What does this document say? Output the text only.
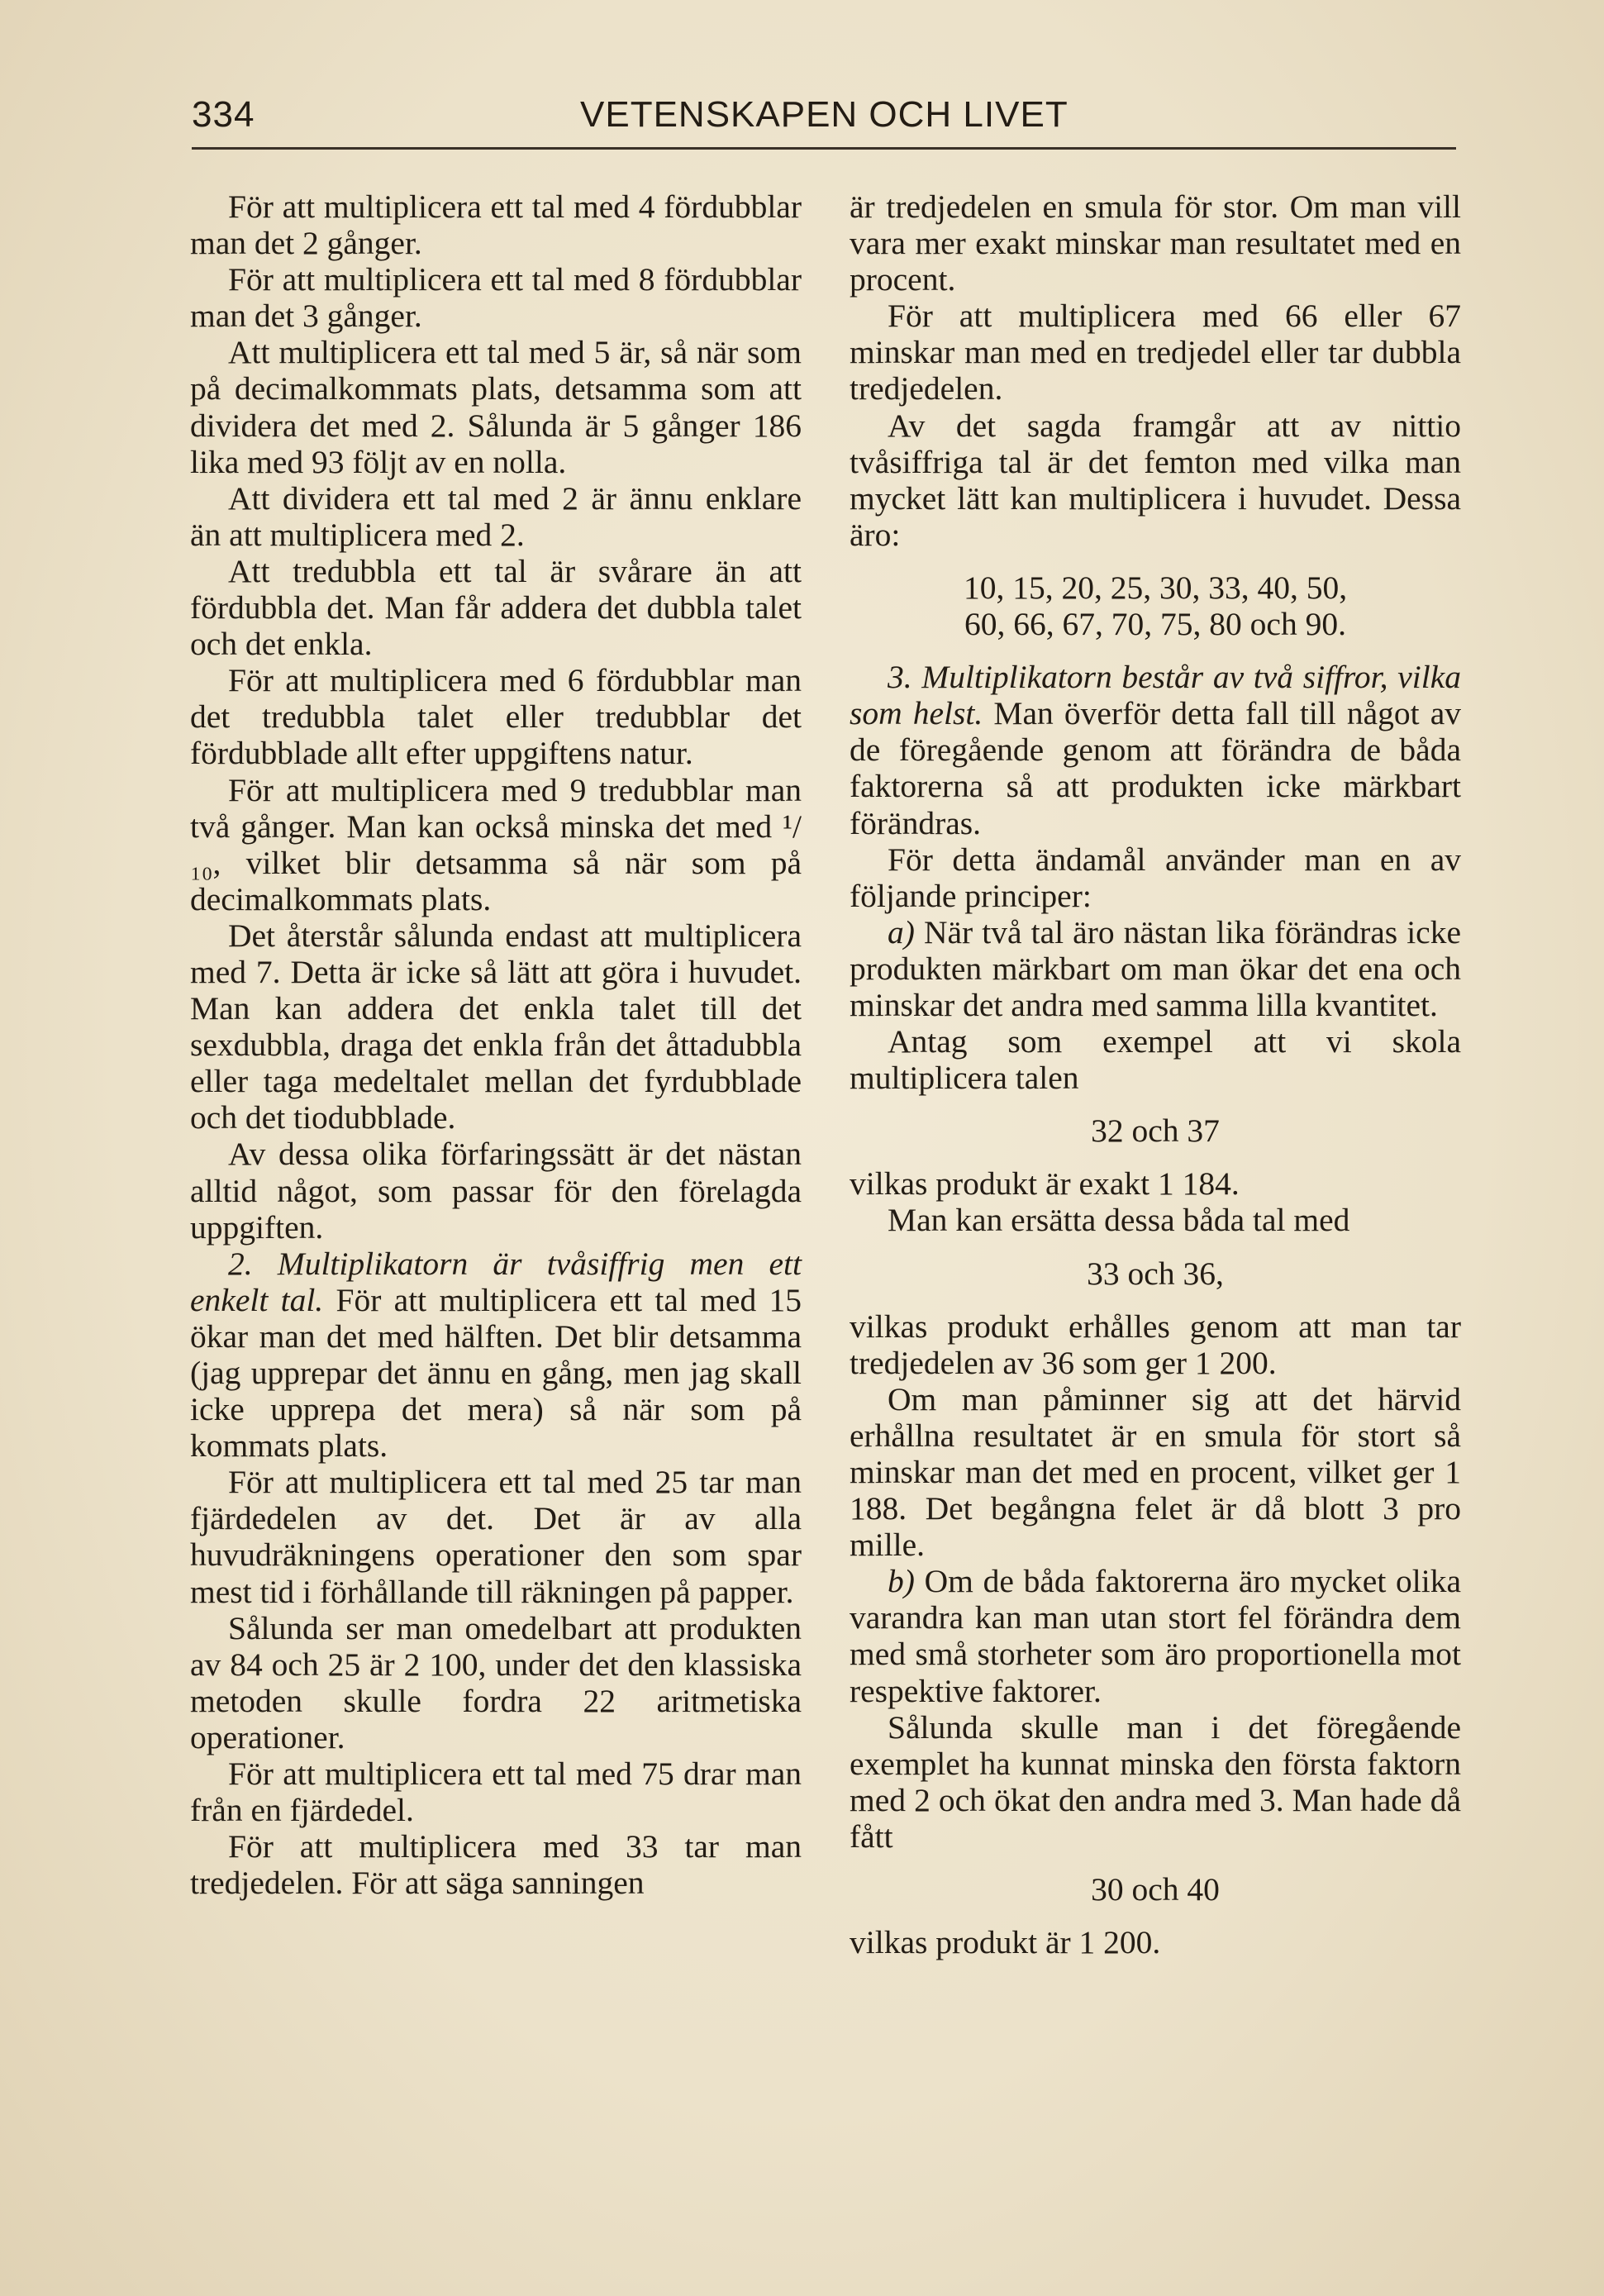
334	VETENSKAPEN OCH LIVET

För att multiplicera ett tal med 4 fördubblar man det 2 gånger.

För att multiplicera ett tal med 8 fördubblar man det 3 gånger.

Att multiplicera ett tal med 5 är, så när som på decimalkommats plats, detsamma som att dividera det med 2. Sålunda är 5 gånger 186 lika med 93 följt av en nolla.

Att dividera ett tal med 2 är ännu enklare än att multiplicera med 2.

Att tredubbla ett tal är svårare än att fördubbla det. Man får addera det dubbla talet och det enkla.

För att multiplicera med 6 fördubblar man det tredubbla talet eller tredubblar det fördubblade allt efter uppgiftens natur.

För att multiplicera med 9 tredubblar man två gånger. Man kan också minska det med ¹/₁₀, vilket blir detsamma så när som på decimalkommats plats.

Det återstår sålunda endast att multiplicera med 7. Detta är icke så lätt att göra i huvudet. Man kan addera det enkla talet till det sexdubbla, draga det enkla från det åttadubbla eller taga medeltalet mellan det fyrdubblade och det tiodubblade.

Av dessa olika förfaringssätt är det nästan alltid något, som passar för den förelagda uppgiften.

2. Multiplikatorn är tvåsiffrig men ett enkelt tal. För att multiplicera ett tal med 15 ökar man det med hälften. Det blir detsamma (jag upprepar det ännu en gång, men jag skall icke upprepa det mera) så när som på kommats plats.

För att multiplicera ett tal med 25 tar man fjärdedelen av det. Det är av alla huvudräkningens operationer den som spar mest tid i förhållande till räkningen på papper.

Sålunda ser man omedelbart att produkten av 84 och 25 är 2 100, under det den klassiska metoden skulle fordra 22 aritmetiska operationer.

För att multiplicera ett tal med 75 drar man från en fjärdedel.

För att multiplicera med 33 tar man tredjedelen. För att säga sanningen

är tredjedelen en smula för stor. Om man vill vara mer exakt minskar man resultatet med en procent.

För att multiplicera med 66 eller 67 minskar man med en tredjedel eller tar dubbla tredjedelen.

Av det sagda framgår att av nittio tvåsiffriga tal är det femton med vilka man mycket lätt kan multiplicera i huvudet. Dessa äro:

10, 15, 20, 25, 30, 33, 40, 50,

60, 66, 67, 70, 75, 80 och 90.

3. Multiplikatorn består av två siffror, vilka som helst. Man överför detta fall till något av de föregående genom att förändra de båda faktorerna så att produkten icke märkbart förändras.

För detta ändamål använder man en av följande principer:

a) När två tal äro nästan lika förändras icke produkten märkbart om man ökar det ena och minskar det andra med samma lilla kvantitet.

Antag som exempel att vi skola multiplicera talen

32 och 37

vilkas produkt är exakt 1 184.

Man kan ersätta dessa båda tal med

33 och 36,

vilkas produkt erhålles genom att man tar tredjedelen av 36 som ger 1 200.

Om man påminner sig att det härvid erhållna resultatet är en smula för stort så minskar man det med en procent, vilket ger 1 188. Det begångna felet är då blott 3 pro mille.

b) Om de båda faktorerna äro mycket olika varandra kan man utan stort fel förändra dem med små storheter som äro proportionella mot respektive faktorer.

Sålunda skulle man i det föregående exemplet ha kunnat minska den första faktorn med 2 och ökat den andra med 3. Man hade då fått

30 och 40

vilkas produkt är 1 200.
